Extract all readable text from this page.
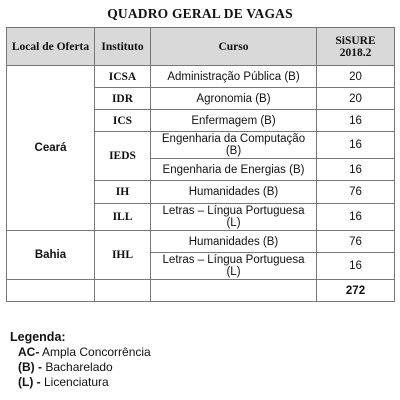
QUADRO GERAL DE VAGAS
Local de Oferta	Instituto	Curso	SiSURE 2018.2
Ceará	ICSA	Administração Pública (B)	20
	IDR	Agronomia (B)	20
	ICS	Enfermagem (B)	16
	IEDS	Engenharia da Computação (B)	16
		Engenharia de Energias (B)	16
	IH	Humanidades (B)	76
	ILL	Letras – Língua Portuguesa (L)	16
Bahia	IHL	Humanidades (B)	76
		Letras – Língua Portuguesa (L)	16
			272
Legenda:
AC- Ampla Concorrência
(B) - Bacharelado
(L) - Licenciatura
